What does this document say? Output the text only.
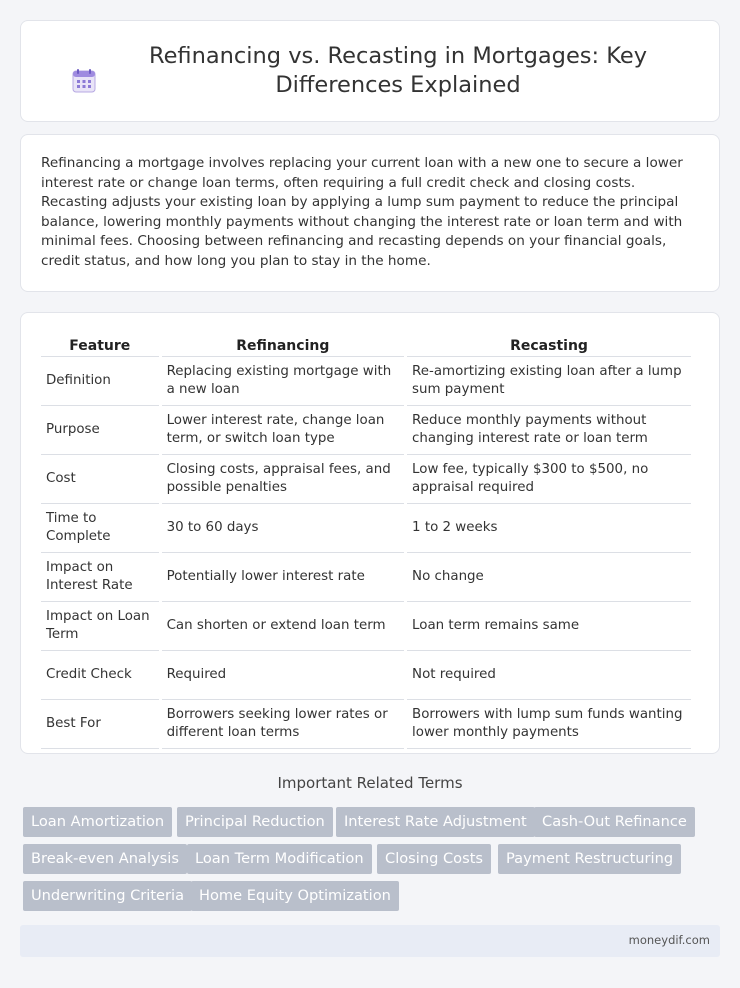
Refinancing vs. Recasting in Mortgages: Key Differences Explained

Refinancing a mortgage involves replacing your current loan with a new one to secure a lower interest rate or change loan terms, often requiring a full credit check and closing costs. Recasting adjusts your existing loan by applying a lump sum payment to reduce the principal balance, lowering monthly payments without changing the interest rate or loan term and with minimal fees. Choosing between refinancing and recasting depends on your financial goals, credit status, and how long you plan to stay in the home.

Feature	Refinancing	Recasting
Definition	Replacing existing mortgage with a new loan	Re-amortizing existing loan after a lump sum payment
Purpose	Lower interest rate, change loan term, or switch loan type	Reduce monthly payments without changing interest rate or loan term
Cost	Closing costs, appraisal fees, and possible penalties	Low fee, typically $300 to $500, no appraisal required
Time to Complete	30 to 60 days	1 to 2 weeks
Impact on Interest Rate	Potentially lower interest rate	No change
Impact on Loan Term	Can shorten or extend loan term	Loan term remains same
Credit Check	Required	Not required
Best For	Borrowers seeking lower rates or different loan terms	Borrowers with lump sum funds wanting lower monthly payments
Important Related Terms
Loan Amortization	Principal Reduction	Interest Rate Adjustment	Cash-Out Refinance
Break-even Analysis	Loan Term Modification	Closing Costs	Payment Restructuring
Underwriting Criteria	Home Equity Optimization
moneydif.com
